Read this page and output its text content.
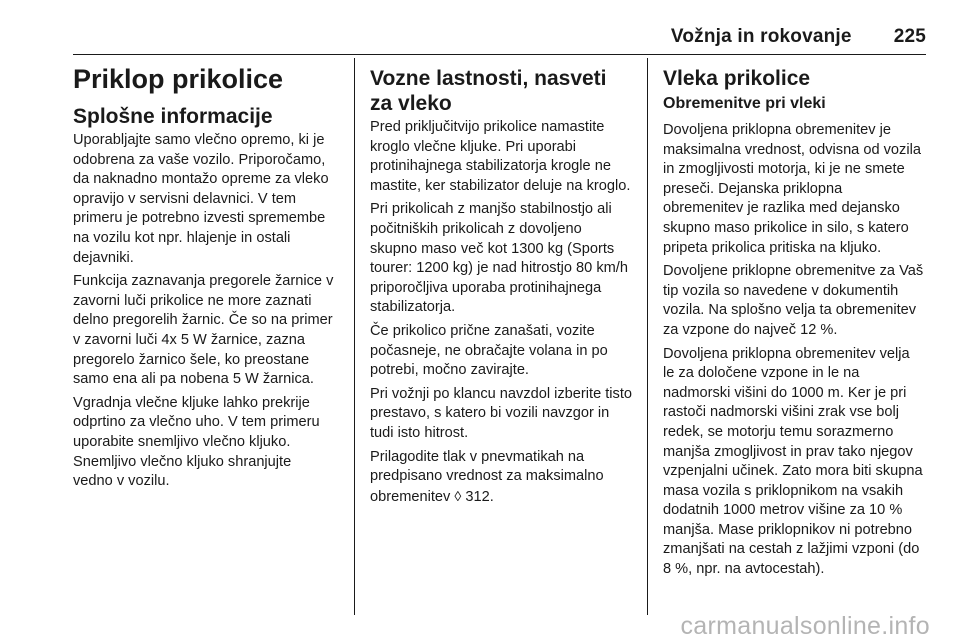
Vožnja in rokovanje 225
Priklop prikolice
Splošne informacije

Uporabljajte samo vlečno opremo, ki je odobrena za vaše vozilo. Priporočamo, da naknadno montažo opreme za vleko opravijo v servisni delavnici. V tem primeru je potrebno izvesti spremembe na vozilu kot npr. hlajenje in ostali dejavniki.

Funkcija zaznavanja pregorele žarnice v zavorni luči prikolice ne more zaznati delno pregorelih žarnic. Če so na primer v zavorni luči 4x 5 W žarnice, zazna pregorelo žarnico šele, ko preostane samo ena ali pa nobena 5 W žarnica.

Vgradnja vlečne kljuke lahko prekrije odprtino za vlečno uho. V tem primeru uporabite snemljivo vlečno kljuko. Snemljivo vlečno kljuko shranjujte vedno v vozilu.

Vozne lastnosti, nasveti za vleko

Pred priključitvijo prikolice namastite kroglo vlečne kljuke. Pri uporabi protinihajnega stabilizatorja krogle ne mastite, ker stabilizator deluje na kroglo.

Pri prikolicah z manjšo stabilnostjo ali počitniških prikolicah z dovoljeno skupno maso več kot 1300 kg (Sports tourer: 1200 kg) je nad hitrostjo 80 km/h priporočljiva uporaba protinihajnega stabilizatorja.

Če prikolico prične zanašati, vozite počasneje, ne obračajte volana in po potrebi, močno zavirajte.

Pri vožnji po klancu navzdol izberite tisto prestavo, s katero bi vozili navzgor in tudi isto hitrost.

Prilagodite tlak v pnevmatikah na predpisano vrednost za maksimalno obremenitev ◊ 312.

Vleka prikolice
Obremenitve pri vleki

Dovoljena priklopna obremenitev je maksimalna vrednost, odvisna od vozila in zmogljivosti motorja, ki je ne smete preseči. Dejanska priklopna obremenitev je razlika med dejansko skupno maso prikolice in silo, s katero pripeta prikolica pritiska na kljuko.

Dovoljene priklopne obremenitve za Vaš tip vozila so navedene v dokumentih vozila. Na splošno velja ta obremenitev za vzpone do največ 12 %.

Dovoljena priklopna obremenitev velja le za določene vzpone in le na nadmorski višini do 1000 m. Ker je pri rastoči nadmorski višini zrak vse bolj redek, se motorju temu sorazmerno manjša zmogljivost in prav tako njegov vzpenjalni učinek. Zato mora biti skupna masa vozila s priklopnikom na vsakih dodatnih 1000 metrov višine za 10 % manjša. Mase priklopnikov ni potrebno zmanjšati na cestah z lažjimi vzponi (do 8 %, npr. na avtocestah).

carmanualsonline.info
